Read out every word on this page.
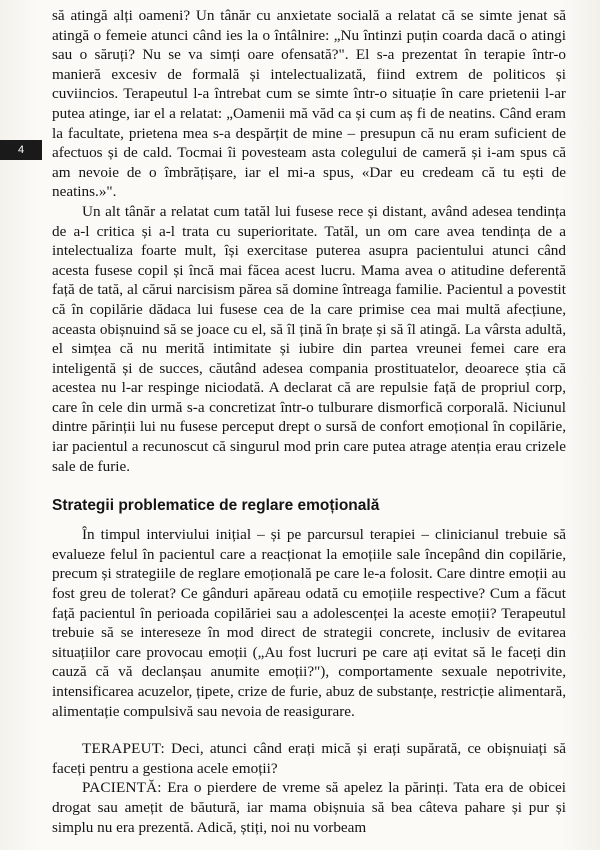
4

să atingă alți oameni? Un tânăr cu anxietate socială a relatat că se simte jenat să atingă o femeie atunci când ies la o întâlnire: „Nu întinzi puțin coarda dacă o atingi sau o săruți? Nu se va simți oare ofensată?". El s-a prezentat în terapie într-o manieră excesiv de formală și intelectualizată, fiind extrem de politicos și cuviincios. Terapeutul l-a întrebat cum se simte într-o situație în care prietenii l-ar putea atinge, iar el a relatat: „Oamenii mă văd ca și cum aș fi de neatins. Când eram la facultate, prietena mea s-a despărțit de mine – presupun că nu eram suficient de afectuos și de cald. Tocmai îi povesteam asta colegului de cameră și i-am spus că am nevoie de o îmbrățișare, iar el mi-a spus, «Dar eu credeam că tu ești de neatins.»".

Un alt tânăr a relatat cum tatăl lui fusese rece și distant, având adesea tendința de a-l critica și a-l trata cu superioritate. Tatăl, un om care avea tendința de a intelectualiza foarte mult, își exercitase puterea asupra pacientului atunci când acesta fusese copil și încă mai făcea acest lucru. Mama avea o atitudine deferentă față de tată, al cărui narcisism părea să domine întreaga familie. Pacientul a povestit că în copilărie dădaca lui fusese cea de la care primise cea mai multă afecțiune, aceasta obișnuind să se joace cu el, să îl țină în brațe și să îl atingă. La vârsta adultă, el simțea că nu merită intimitate și iubire din partea vreunei femei care era inteligentă și de succes, căutând adesea compania prostituatelor, deoarece știa că acestea nu l-ar respinge niciodată. A declarat că are repulsie față de propriul corp, care în cele din urmă s-a concretizat într-o tulburare dismorfică corporală. Niciunul dintre părinții lui nu fusese perceput drept o sursă de confort emoțional în copilărie, iar pacientul a recunoscut că singurul mod prin care putea atrage atenția erau crizele sale de furie.

Strategii problematice de reglare emoțională

În timpul interviului inițial – și pe parcursul terapiei – clinicianul trebuie să evalueze felul în pacientul care a reacționat la emoțiile sale începând din copilărie, precum și strategiile de reglare emoțională pe care le-a folosit. Care dintre emoții au fost greu de tolerat? Ce gânduri apăreau odată cu emoțiile respective? Cum a făcut față pacientul în perioada copilăriei sau a adolescenței la aceste emoții? Terapeutul trebuie să se intereseze în mod direct de strategii concrete, inclusiv de evitarea situațiilor care provocau emoții („Au fost lucruri pe care ați evitat să le faceți din cauză că vă declanșau anumite emoții?"), comportamente sexuale nepotrivite, intensificarea acuzelor, țipete, crize de furie, abuz de substanțe, restricție alimentară, alimentație compulsivă sau nevoia de reasigurare.

TERAPEUT: Deci, atunci când erați mică și erați supărată, ce obișnuiați să faceți pentru a gestiona acele emoții?

PACIENTĂ: Era o pierdere de vreme să apelez la părinți. Tata era de obicei drogat sau amețit de băutură, iar mama obișnuia să bea câteva pahare și pur și simplu nu era prezentă. Adică, știți, noi nu vorbeam
